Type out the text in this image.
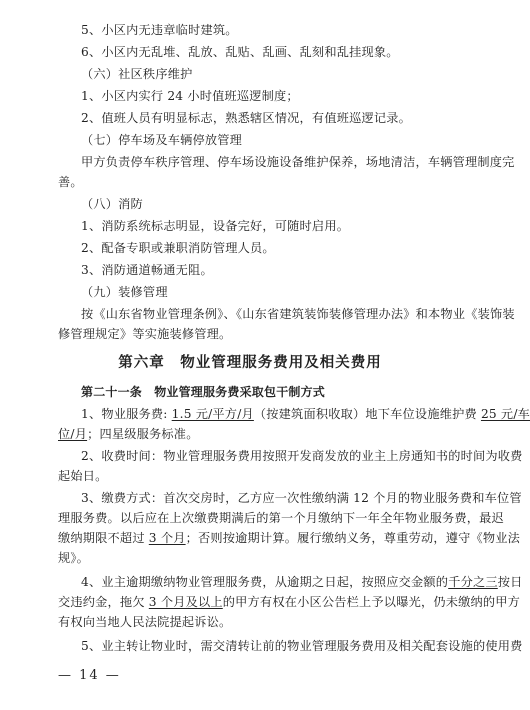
5、小区内无违章临时建筑。
6、小区内无乱堆、乱放、乱贴、乱画、乱刻和乱挂现象。
（六）社区秩序维护
1、小区内实行 24 小时值班巡逻制度；
2、值班人员有明显标志，熟悉辖区情况，有值班巡逻记录。
（七）停车场及车辆停放管理
甲方负责停车秩序管理、停车场设施设备维护保养，场地清洁，车辆管理制度完
善。
（八）消防
1、消防系统标志明显，设备完好，可随时启用。
2、配备专职或兼职消防管理人员。
3、消防通道畅通无阻。
（九）装修管理
按《山东省物业管理条例》、《山东省建筑装饰装修管理办法》和本物业《装饰装
修管理规定》等实施装修管理。
第六章　物业管理服务费用及相关费用
第二十一条　物业管理服务费采取包干制方式
1、物业服务费: 1.5 元/平方/月（按建筑面积收取）地下车位设施维护费 25 元/车
位/月；四星级服务标准。
2、收费时间：物业管理服务费用按照开发商发放的业主上房通知书的时间为收费
起始日。
3、缴费方式：首次交房时，乙方应一次性缴纳满 12 个月的物业服务费和车位管
理服务费。以后应在上次缴费期满后的第一个月缴纳下一年全年物业服务费，最迟
缴纳期限不超过 3 个月；否则按逾期计算。履行缴纳义务，尊重劳动，遵守《物业法
规》。
4、业主逾期缴纳物业管理服务费，从逾期之日起，按照应交金额的千分之三按日
交违约金，拖欠 3 个月及以上的甲方有权在小区公告栏上予以曝光，仍未缴纳的甲方
有权向当地人民法院提起诉讼。
5、业主转让物业时，需交清转让前的物业管理服务费用及相关配套设施的使用费
— 14 —
